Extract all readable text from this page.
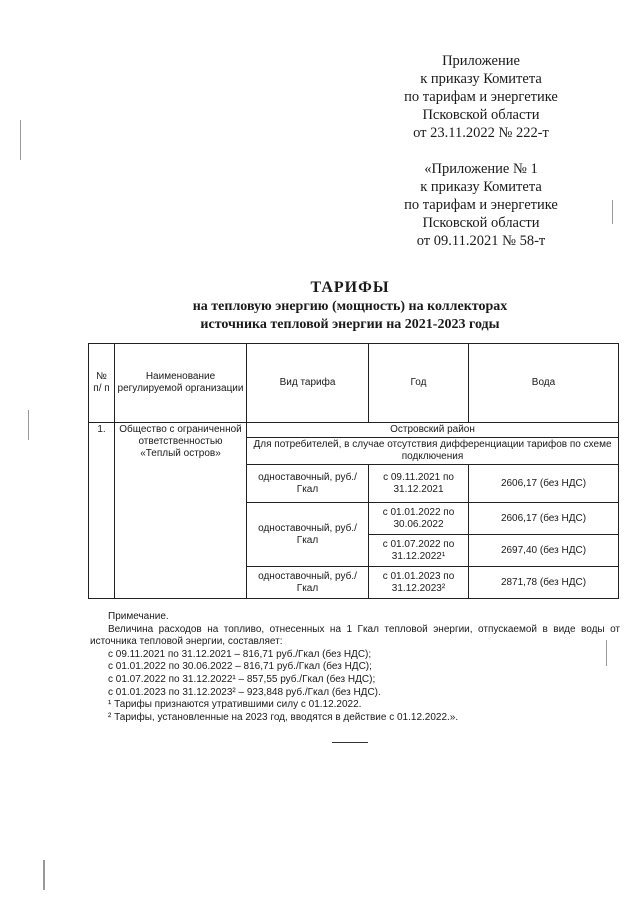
Приложение
к приказу Комитета
по тарифам и энергетике
Псковской области
от 23.11.2022 № 222-т
«Приложение № 1
к приказу Комитета
по тарифам и энергетике
Псковской области
от 09.11.2021 № 58-т
ТАРИФЫ
на тепловую энергию (мощность) на коллекторах
источника тепловой энергии на 2021-2023 годы
№ п/ п	Наименование регулируемой организации	Вид тарифа	Год	Вода
1.	Общество с ограниченной ответственностью «Теплый остров»	Островский район		
		Для потребителей, в случае отсутствия дифференциации тарифов по схеме подключения		
		одноставочный, руб./Гкал	с 09.11.2021 по 31.12.2021	2606,17 (без НДС)
		одноставочный, руб./Гкал	с 01.01.2022 по 30.06.2022	2606,17 (без НДС)
			с 01.07.2022 по 31.12.2022¹	2697,40 (без НДС)
		одноставочный, руб./Гкал	с 01.01.2023 по 31.12.2023²	2871,78 (без НДС)
Примечание.
Величина расходов на топливо, отнесенных на 1 Гкал тепловой энергии, отпускаемой в виде воды от источника тепловой энергии, составляет:
с 09.11.2021 по 31.12.2021 – 816,71 руб./Гкал (без НДС);
с 01.01.2022 по 30.06.2022 – 816,71 руб./Гкал (без НДС);
с 01.07.2022 по 31.12.2022¹ – 857,55 руб./Гкал (без НДС);
с 01.01.2023 по 31.12.2023² – 923,848 руб./Гкал (без НДС).
¹ Тарифы признаются утратившими силу с 01.12.2022.
² Тарифы, установленные на 2023 год, вводятся в действие с 01.12.2022.».
